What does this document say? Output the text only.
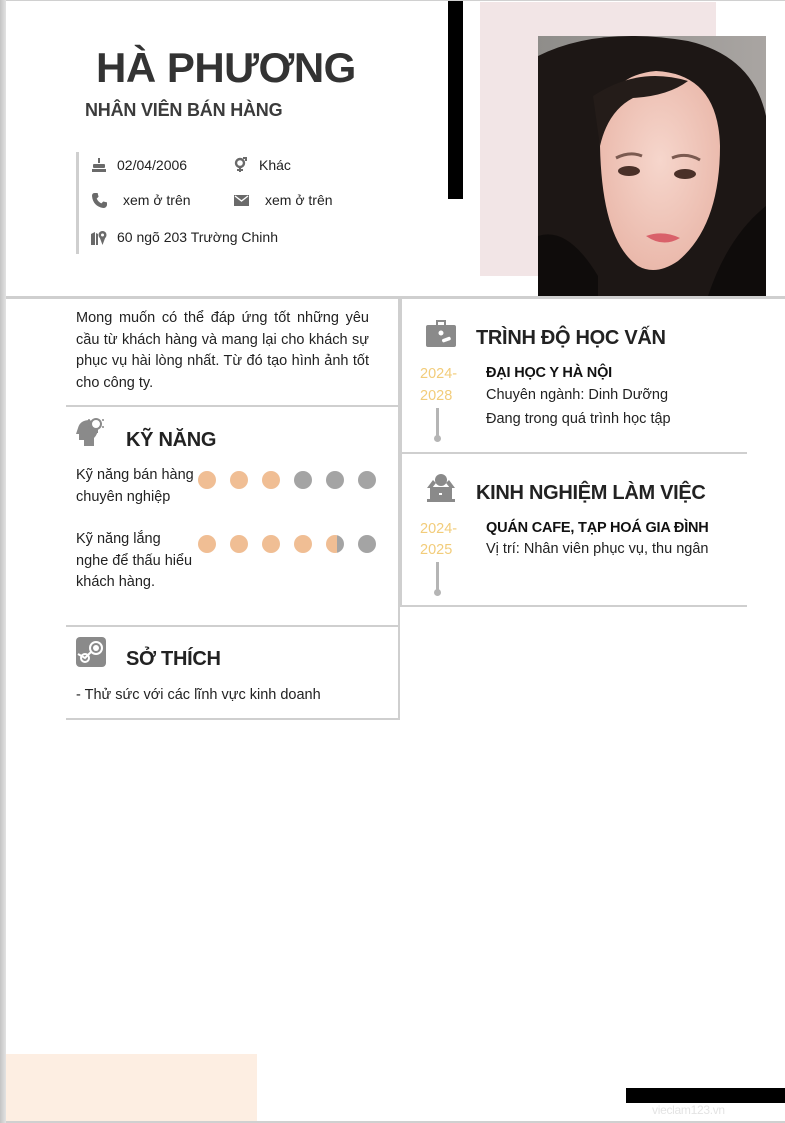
HÀ PHƯƠNG
NHÂN VIÊN BÁN HÀNG
02/04/2006	Khác
xem ở trên	xem ở trên
60 ngõ 203 Trường Chinh

Mong muốn có thể đáp ứng tốt những yêu cầu từ khách hàng và mang lại cho khách sự phục vụ hài lòng nhất. Từ đó tạo hình ảnh tốt cho công ty.

KỸ NĂNG
Kỹ năng bán hàng chuyên nghiệp
Kỹ năng lắng nghe để thấu hiểu khách hàng.
SỞ THÍCH
- Thử sức với các lĩnh vực kinh doanh
TRÌNH ĐỘ HỌC VẤN
2024-
2028
ĐẠI HỌC Y HÀ NỘI
Chuyên ngành: Dinh Dưỡng
Đang trong quá trình học tập
KINH NGHIỆM LÀM VIỆC
2024-
2025
QUÁN CAFE, TẠP HOÁ GIA ĐÌNH
Vị trí: Nhân viên phục vụ, thu ngân
vieclam123.vn
